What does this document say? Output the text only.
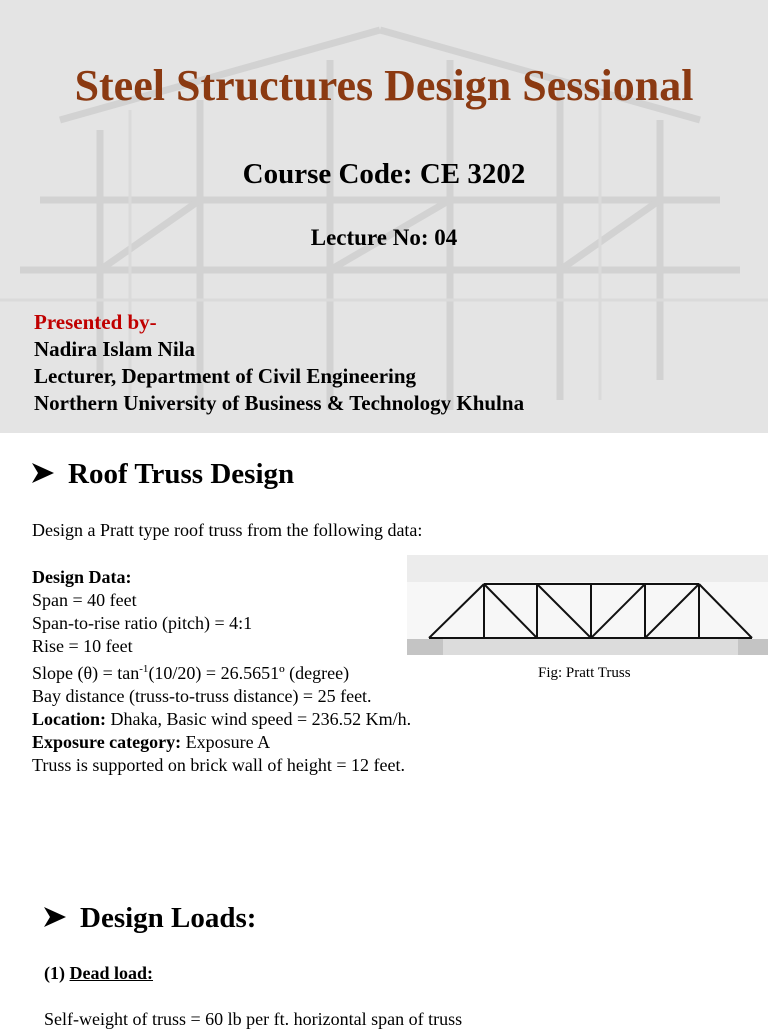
Steel Structures Design Sessional
Course Code: CE 3202
Lecture No: 04
Presented by-
Nadira Islam Nila
Lecturer, Department of Civil Engineering
Northern University of Business & Technology Khulna
Roof Truss Design
Design a Pratt type roof truss from the following data:
Design Data:
Span = 40 feet
Span-to-rise ratio (pitch) = 4:1
Rise = 10 feet
Slope $(\theta) = \tan^{-1}(10/20)$ = 26.5651º (degree)
Bay distance (truss-to-truss distance) = 25 feet.
Location: Dhaka, Basic wind speed = 236.52 Km/h.
Exposure category: Exposure A
Truss is supported on brick wall of height = 12 feet.
Fig: Pratt Truss
Design Loads:
(1) Dead load:
Self-weight of truss = 60 lb per ft. horizontal span of truss
